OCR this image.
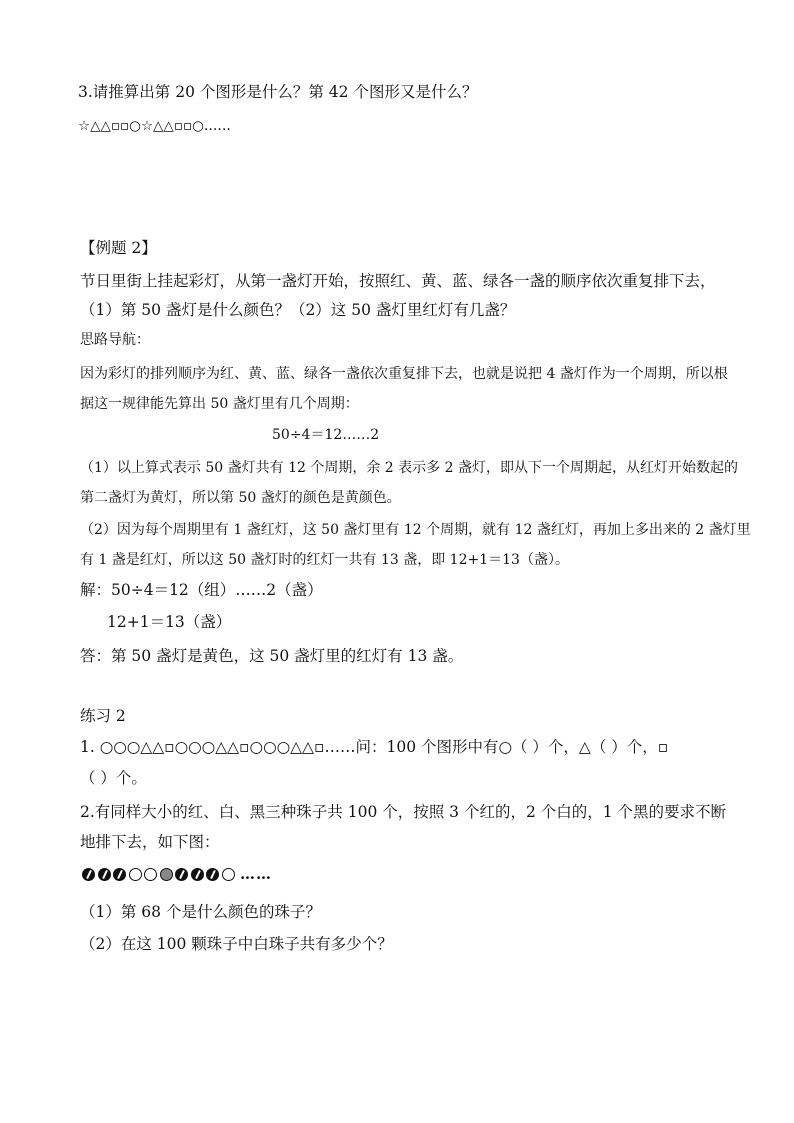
3.请推算出第 20 个图形是什么？第 42 个图形又是什么？
☆△△▫▫○☆△△▫▫○……
【例题 2】
节日里街上挂起彩灯，从第一盏灯开始，按照红、黄、蓝、绿各一盏的顺序依次重复排下去，
（1）第 50 盏灯是什么颜色？（2）这 50 盏灯里红灯有几盏？
思路导航：
因为彩灯的排列顺序为红、黄、蓝、绿各一盏依次重复排下去，也就是说把 4 盏灯作为一个周期，所以根
据这一规律能先算出 50 盏灯里有几个周期：
50÷4＝12……2
（1）以上算式表示 50 盏灯共有 12 个周期，余 2 表示多 2 盏灯，即从下一个周期起，从红灯开始数起的
第二盏灯为黄灯，所以第 50 盏灯的颜色是黄颜色。
（2）因为每个周期里有 1 盏红灯，这 50 盏灯里有 12 个周期，就有 12 盏红灯，再加上多出来的 2 盏灯里
有 1 盏是红灯，所以这 50 盏灯时的红灯一共有 13 盏，即 12+1＝13（盏）。
解：50÷4＝12（组）……2（盏）
12+1＝13（盏）
答：第 50 盏灯是黄色，这 50 盏灯里的红灯有 13 盏。
练习 2
1. ○○○△△▫○○○△△▫○○○△△▫……问：100 个图形中有○（ ）个，△（ ）个，▫
（ ）个。
2.有同样大小的红、白、黑三种珠子共 100 个，按照 3 个红的，2 个白的，1 个黑的要求不断
地排下去，如下图：
……
（1）第 68 个是什么颜色的珠子？
（2）在这 100 颗珠子中白珠子共有多少个？
